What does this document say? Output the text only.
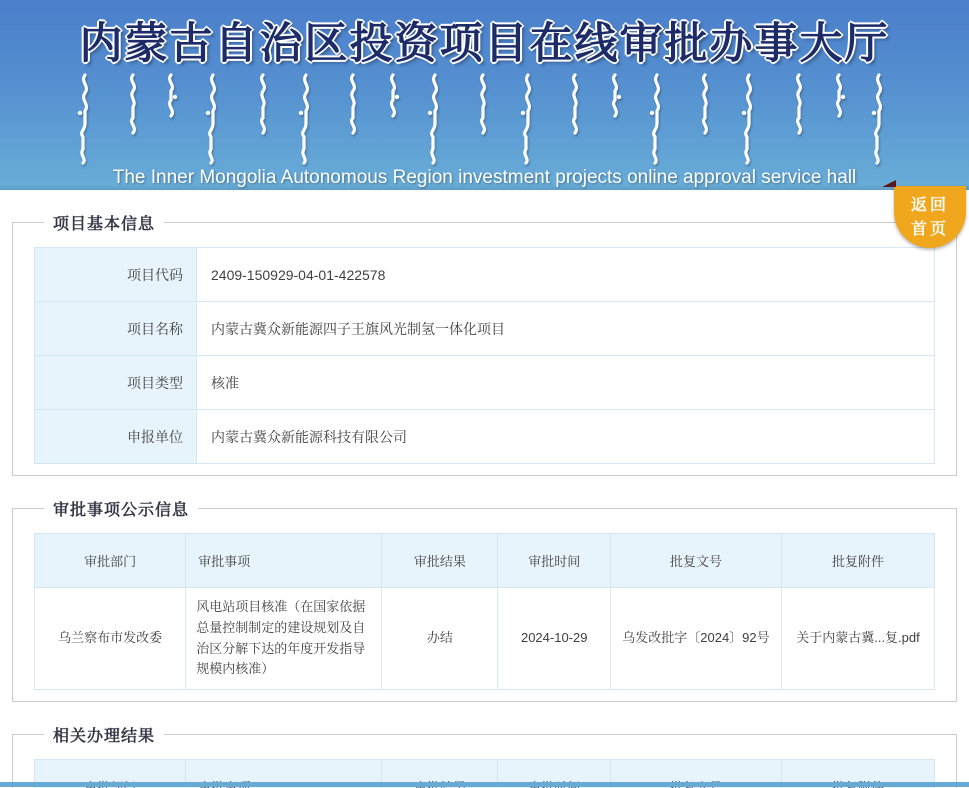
内蒙古自治区投资项目在线审批办事大厅
The Inner Mongolia Autonomous Region investment projects online approval service hall
返回
首页
项目基本信息
项目代码	2409-150929-04-01-422578
项目名称	内蒙古冀众新能源四子王旗风光制氢一体化项目
项目类型	核准
申报单位	内蒙古冀众新能源科技有限公司
审批事项公示信息
审批部门	审批事项	审批结果	审批时间	批复文号	批复附件
乌兰察布市发改委	风电站项目核准（在国家依据总量控制制定的建设规划及自治区分解下达的年度开发指导规模内核准）	办结	2024-10-29	乌发改批字〔2024〕92号	关于内蒙古冀...复.pdf
相关办理结果
